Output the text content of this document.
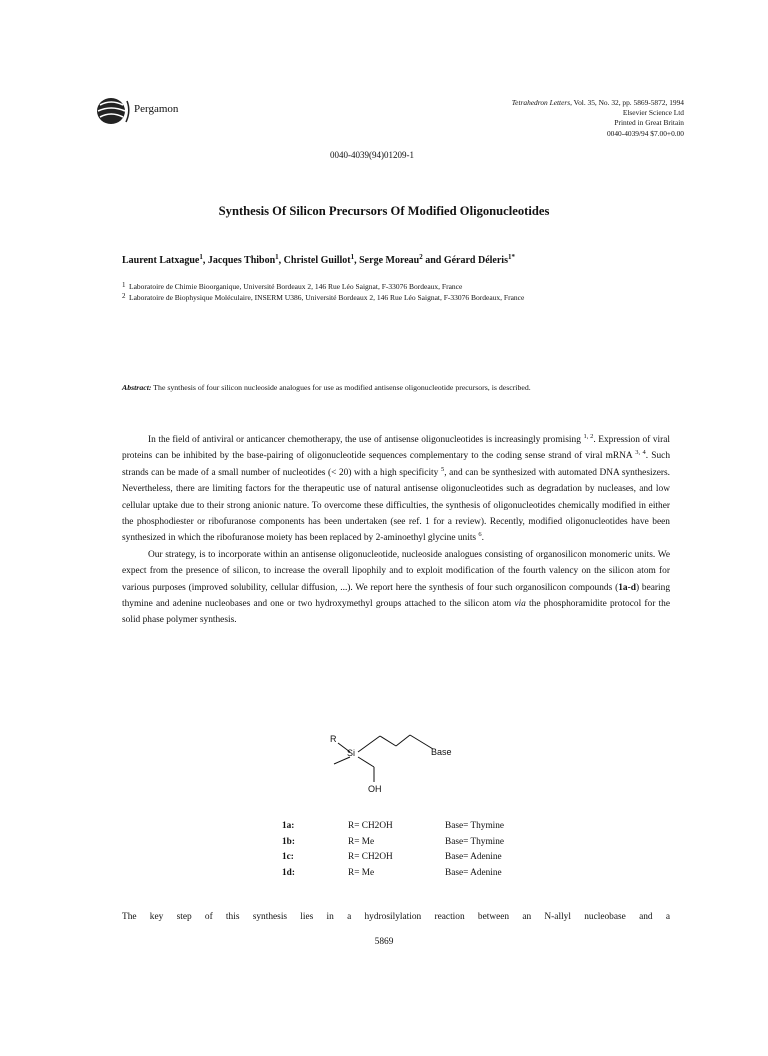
Pergamon
Tetrahedron Letters, Vol. 35, No. 32, pp. 5869-5872, 1994
Elsevier Science Ltd
Printed in Great Britain
0040-4039/94 $7.00+0.00
0040-4039(94)01209-1
Synthesis Of Silicon Precursors Of Modified Oligonucleotides
Laurent Latxague$^1$, Jacques Thibon$^1$, Christel Guillot$^1$, Serge Moreau$^2$ and Gérard Déleris$^{1*}$
1 Laboratoire de Chimie Bioorganique, Université Bordeaux 2, 146 Rue Léo Saignat, F-33076 Bordeaux, France
2 Laboratoire de Biophysique Moléculaire, INSERM U386, Université Bordeaux 2, 146 Rue Léo Saignat, F-33076 Bordeaux, France
Abstract: The synthesis of four silicon nucleoside analogues for use as modified antisense oligonucleotide precursors, is described.

In the field of antiviral or anticancer chemotherapy, the use of antisense oligonucleotides is increasingly promising $^{1, 2}$. Expression of viral proteins can be inhibited by the base-pairing of oligonucleotide sequences complementary to the coding sense strand of viral mRNA $^{3, 4}$. Such strands can be made of a small number of nucleotides (< 20) with a high specificity $^5$, and can be synthesized with automated DNA synthesizers. Nevertheless, there are limiting factors for the therapeutic use of natural antisense oligonucleotides such as degradation by nucleases, and low cellular uptake due to their strong anionic nature. To overcome these difficulties, the synthesis of oligonucleotides chemically modified in either the phosphodiester or ribofuranose components has been undertaken (see ref. 1 for a review). Recently, modified oligonucleotides have been synthesized in which the ribofuranose moiety has been replaced by 2-aminoethyl glycine units $^6$.

Our strategy, is to incorporate within an antisense oligonucleotide, nucleoside analogues consisting of organosilicon monomeric units. We expect from the presence of silicon, to increase the overall lipophily and to exploit modification of the fourth valency on the silicon atom for various purposes (improved solubility, cellular diffusion, ...). We report here the synthesis of four such organosilicon compounds (1a-d) bearing thymine and adenine nucleobases and one or two hydroxymethyl groups attached to the silicon atom via the phosphoramidite protocol for the solid phase polymer synthesis.

R
Si	Base
OH
1a:	R= CH2OH	Base= Thymine
1b:	R= Me	Base= Thymine
1c:	R= CH2OH	Base= Adenine
1d:	R= Me	Base= Adenine
The key step of this synthesis lies in a hydrosilylation reaction between an N-allyl nucleobase and a
5869
